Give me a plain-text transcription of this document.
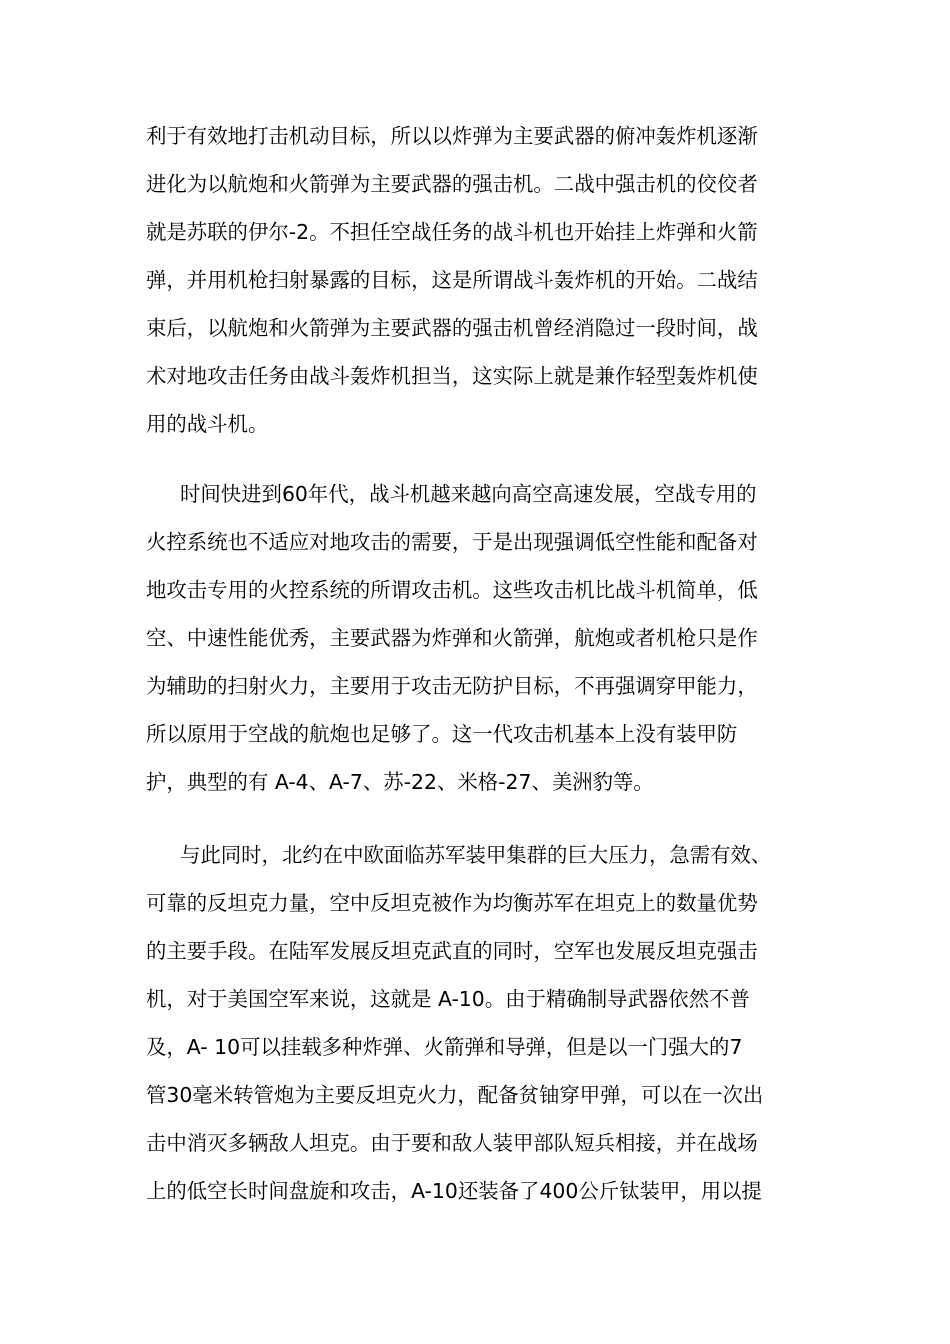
利于有效地打击机动目标，所以以炸弹为主要武器的俯冲轰炸机逐渐
进化为以航炮和火箭弹为主要武器的强击机。二战中强击机的佼佼者
就是苏联的伊尔-2。不担任空战任务的战斗机也开始挂上炸弹和火箭
弹，并用机枪扫射暴露的目标，这是所谓战斗轰炸机的开始。二战结
束后，以航炮和火箭弹为主要武器的强击机曾经消隐过一段时间，战
术对地攻击任务由战斗轰炸机担当，这实际上就是兼作轻型轰炸机使
用的战斗机。
时间快进到60年代，战斗机越来越向高空高速发展，空战专用的
火控系统也不适应对地攻击的需要，于是出现强调低空性能和配备对
地攻击专用的火控系统的所谓攻击机。这些攻击机比战斗机简单，低
空、中速性能优秀，主要武器为炸弹和火箭弹，航炮或者机枪只是作
为辅助的扫射火力，主要用于攻击无防护目标，不再强调穿甲能力，
所以原用于空战的航炮也足够了。这一代攻击机基本上没有装甲防
护，典型的有 A-4、A-7、苏-22、米格-27、美洲豹等。
与此同时，北约在中欧面临苏军装甲集群的巨大压力，急需有效、
可靠的反坦克力量，空中反坦克被作为均衡苏军在坦克上的数量优势
的主要手段。在陆军发展反坦克武直的同时，空军也发展反坦克强击
机，对于美国空军来说，这就是 A-10。由于精确制导武器依然不普
及，A- 10可以挂载多种炸弹、火箭弹和导弹，但是以一门强大的7
管30毫米转管炮为主要反坦克火力，配备贫铀穿甲弹，可以在一次出
击中消灭多辆敌人坦克。由于要和敌人装甲部队短兵相接，并在战场
上的低空长时间盘旋和攻击，A-10还装备了400公斤钛装甲，用以提
